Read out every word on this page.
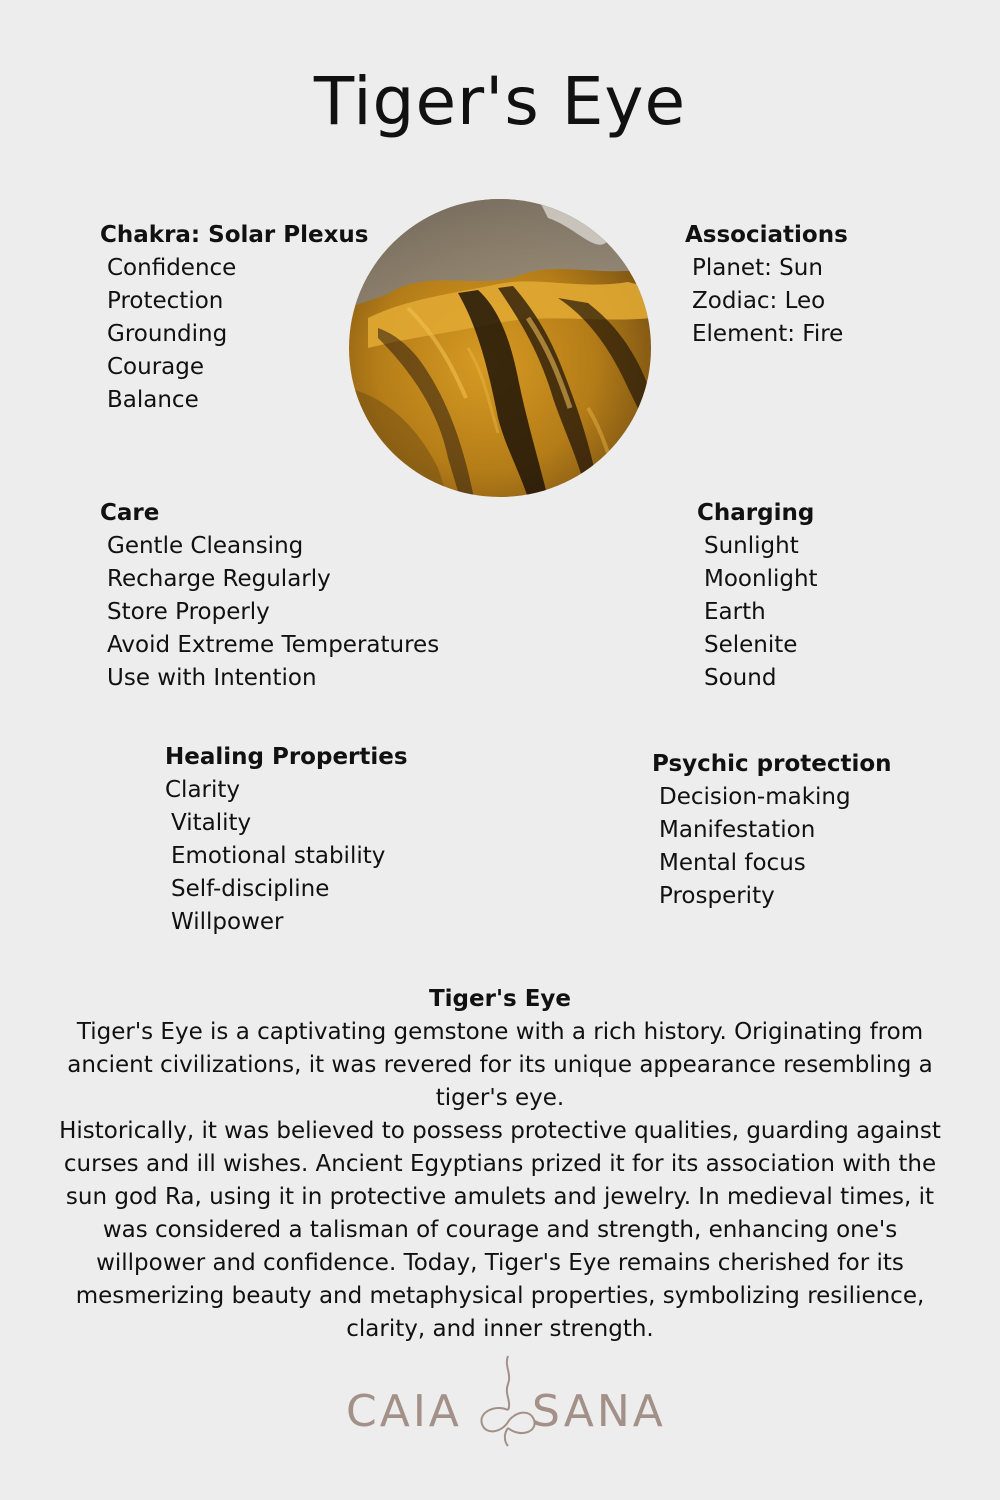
Tiger's Eye
Chakra: Solar Plexus
Confidence
Protection
Grounding
Courage
Balance
Associations
Planet: Sun
Zodiac: Leo
Element: Fire
Care
Gentle Cleansing
Recharge Regularly
Store Properly
Avoid Extreme Temperatures
Use with Intention
Charging
Sunlight
Moonlight
Earth
Selenite
Sound
Healing Properties
Clarity
Vitality
Emotional stability
Self-discipline
Willpower
Psychic protection
Decision-making
Manifestation
Mental focus
Prosperity
Tiger's Eye

Tiger's Eye is a captivating gemstone with a rich history. Originating from ancient civilizations, it was revered for its unique appearance resembling a tiger's eye.

Historically, it was believed to possess protective qualities, guarding against curses and ill wishes. Ancient Egyptians prized it for its association with the sun god Ra, using it in protective amulets and jewelry. In medieval times, it was considered a talisman of courage and strength, enhancing one's willpower and confidence. Today, Tiger's Eye remains cherished for its mesmerizing beauty and metaphysical properties, symbolizing resilience, clarity, and inner strength.

CAIA SANA
